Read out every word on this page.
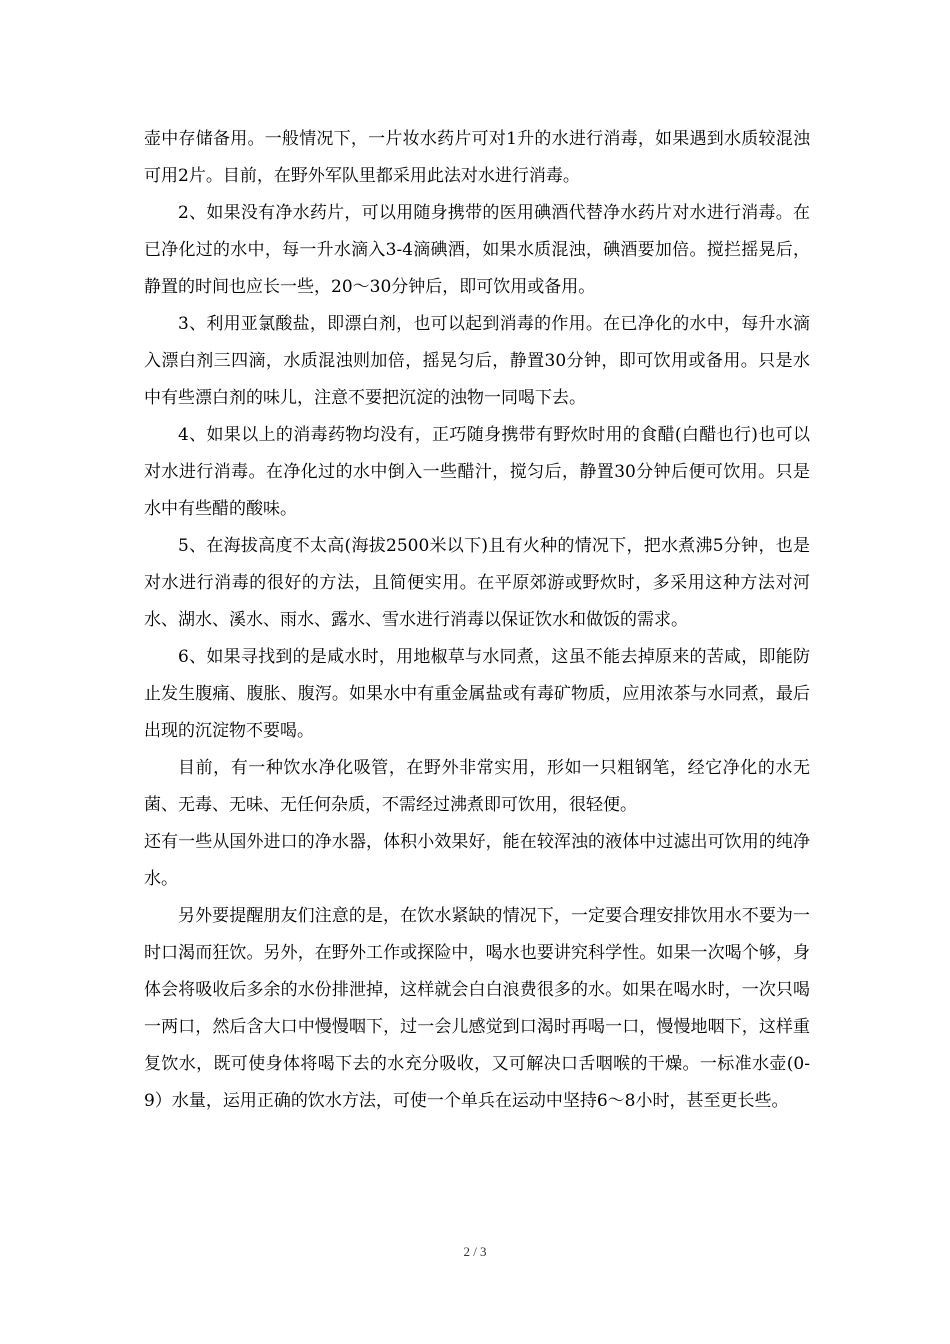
壶中存储备用。一般情况下，一片妆水药片可对1升的水进行消毒，如果遇到水质较混浊可用2片。目前，在野外军队里都采用此法对水进行消毒。

2、如果没有净水药片，可以用随身携带的医用碘酒代替净水药片对水进行消毒。在已净化过的水中，每一升水滴入3-4滴碘酒，如果水质混浊，碘酒要加倍。搅拦摇晃后，静置的时间也应长一些，20～30分钟后，即可饮用或备用。

3、利用亚氯酸盐，即漂白剂，也可以起到消毒的作用。在已净化的水中，每升水滴入漂白剂三四滴，水质混浊则加倍，摇晃匀后，静置30分钟，即可饮用或备用。只是水中有些漂白剂的味儿，注意不要把沉淀的浊物一同喝下去。

4、如果以上的消毒药物均没有，正巧随身携带有野炊时用的食醋(白醋也行)也可以对水进行消毒。在净化过的水中倒入一些醋汁，搅匀后，静置30分钟后便可饮用。只是水中有些醋的酸味。

5、在海拔高度不太高(海拔2500米以下)且有火种的情况下，把水煮沸5分钟，也是对水进行消毒的很好的方法，且简便实用。在平原郊游或野炊时，多采用这种方法对河水、湖水、溪水、雨水、露水、雪水进行消毒以保证饮水和做饭的需求。

6、如果寻找到的是咸水时，用地椒草与水同煮，这虽不能去掉原来的苦咸，即能防止发生腹痛、腹胀、腹泻。如果水中有重金属盐或有毒矿物质，应用浓茶与水同煮，最后出现的沉淀物不要喝。

目前，有一种饮水净化吸管，在野外非常实用，形如一只粗钢笔，经它净化的水无菌、无毒、无味、无任何杂质，不需经过沸煮即可饮用，很轻便。

还有一些从国外进口的净水器，体积小效果好，能在较浑浊的液体中过滤出可饮用的纯净水。

另外要提醒朋友们注意的是，在饮水紧缺的情况下，一定要合理安排饮用水不要为一时口渴而狂饮。另外，在野外工作或探险中，喝水也要讲究科学性。如果一次喝个够，身体会将吸收后多余的水份排泄掉，这样就会白白浪费很多的水。如果在喝水时，一次只喝一两口，然后含大口中慢慢咽下，过一会儿感觉到口渴时再喝一口，慢慢地咽下，这样重复饮水，既可使身体将喝下去的水充分吸收，又可解决口舌咽喉的干燥。一标准水壶(0-9）水量，运用正确的饮水方法，可使一个单兵在运动中坚持6～8小时，甚至更长些。

2 / 3
